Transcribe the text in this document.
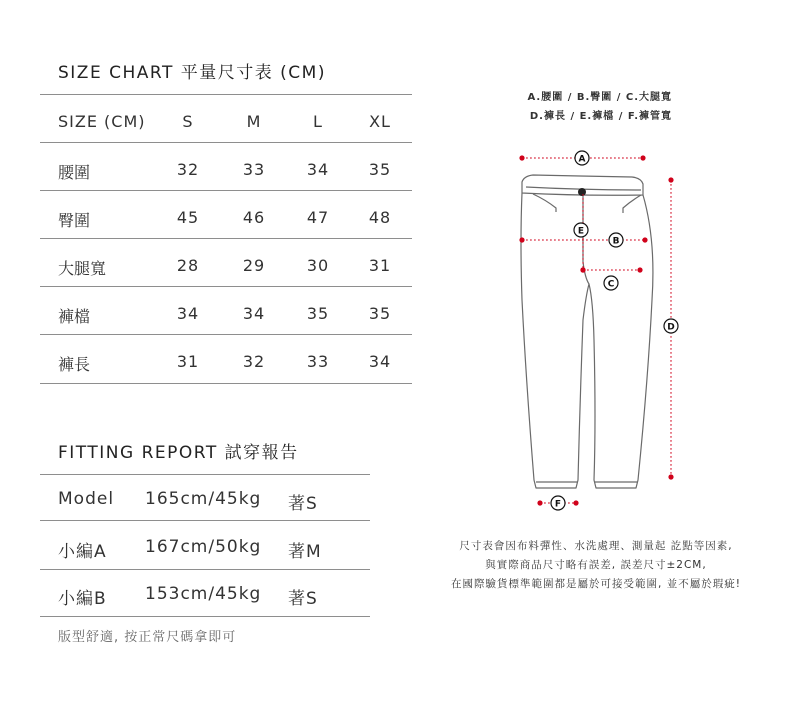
SIZE CHART 平量尺寸表 (CM)
SIZE (CM)	S	M	L	XL
腰圍	32	33	34	35
臀圍	45	46	47	48
大腿寬	28	29	30	31
褲檔	34	34	35	35
褲長	31	32	33	34
FITTING REPORT 試穿報告
Model 165cm/45kg 著S
小編A 167cm/50kg 著M
小編B 153cm/45kg 著S
版型舒適, 按正常尺碼拿即可
A.腰圍 / B.臀圍 / C.大腿寬
D.褲長 / E.褲檔 / F.褲管寬
A
E
B
C
D
F
尺寸表會因布料彈性、水洗處理、測量起 訖點等因素,
與實際商品尺寸略有誤差, 誤差尺寸±2CM,
在國際驗貨標準範圍都是屬於可接受範圍, 並不屬於瑕疵!
